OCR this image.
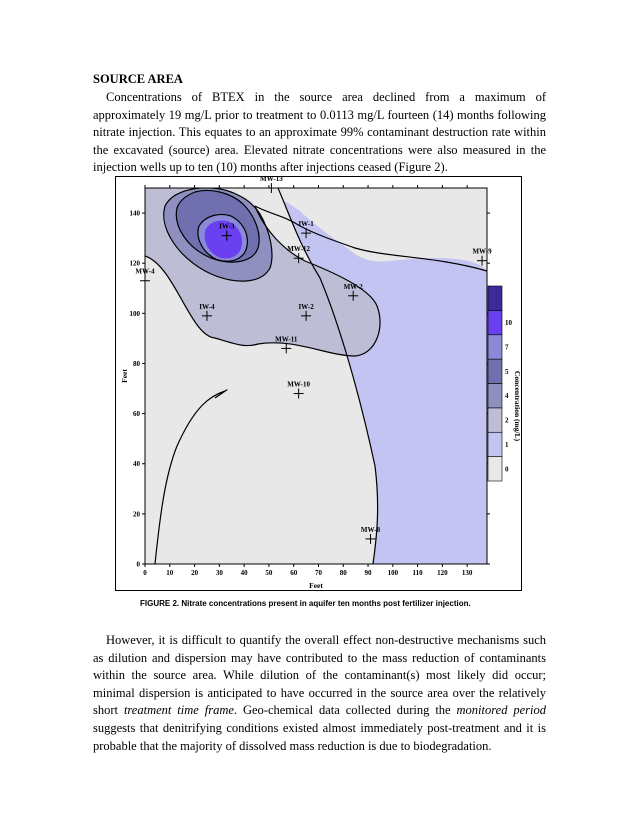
SOURCE AREA

Concentrations of BTEX in the source area declined from a maximum of approximately 19 mg/L prior to treatment to 0.0113 mg/L fourteen (14) months following nitrate injection. This equates to an approximate 99% contaminant destruction rate within the excavated (source) area. Elevated nitrate concentrations were also measured in the injection wells up to ten (10) months after injections ceased (Figure 2).

0
20
40
60
80
100
120
140
0	10	20	30	40	50	60	70	80	90 100 110 120 130
MW-13
IW-3	IW-1
MW-12	MW-9
MW-4
MW-2
IW-4	IW-2
MW-11
MW-10
MW-8
Feet
Feet
0
1
2
4
5
7
10
Concentration (mg/L)

FIGURE 2. Nitrate concentrations present in aquifer ten months post fertilizer injection.

However, it is difficult to quantify the overall effect non-destructive mechanisms such as dilution and dispersion may have contributed to the mass reduction of contaminants within the source area. While dilution of the contaminant(s) most likely did occur; minimal dispersion is anticipated to have occurred in the source area over the relatively short treatment time frame. Geo-chemical data collected during the monitored period suggests that denitrifying conditions existed almost immediately post-treatment and it is probable that the majority of dissolved mass reduction is due to biodegradation.
